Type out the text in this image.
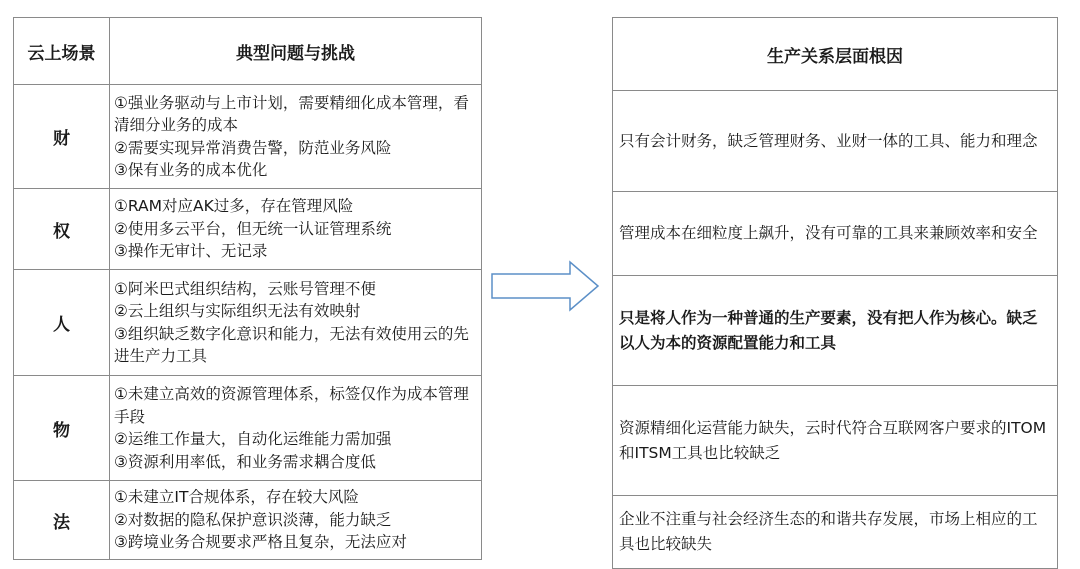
云上场景	典型问题与挑战
财	①强业务驱动与上市计划，需要精细化成本管理，看清细分业务的成本
②需要实现异常消费告警，防范业务风险
③保有业务的成本优化

权	①RAM对应AK过多，存在管理风险
②使用多云平台，但无统一认证管理系统
③操作无审计、无记录

人	①阿米巴式组织结构，云账号管理不便
②云上组织与实际组织无法有效映射
③组织缺乏数字化意识和能力，无法有效使用云的先进生产力工具

物	①未建立高效的资源管理体系，标签仅作为成本管理手段
②运维工作量大，自动化运维能力需加强
③资源利用率低，和业务需求耦合度低

法	①未建立IT合规体系，存在较大风险
②对数据的隐私保护意识淡薄，能力缺乏
③跨境业务合规要求严格且复杂，无法应对
生产关系层面根因
只有会计财务，缺乏管理财务、业财一体的工具、能力和理念
管理成本在细粒度上飙升，没有可靠的工具来兼顾效率和安全
只是将人作为一种普通的生产要素，没有把人作为核心。缺乏以人为本的资源配置能力和工具
资源精细化运营能力缺失，云时代符合互联网客户要求的ITOM和ITSM工具也比较缺乏
企业不注重与社会经济生态的和谐共存发展，市场上相应的工具也比较缺失
